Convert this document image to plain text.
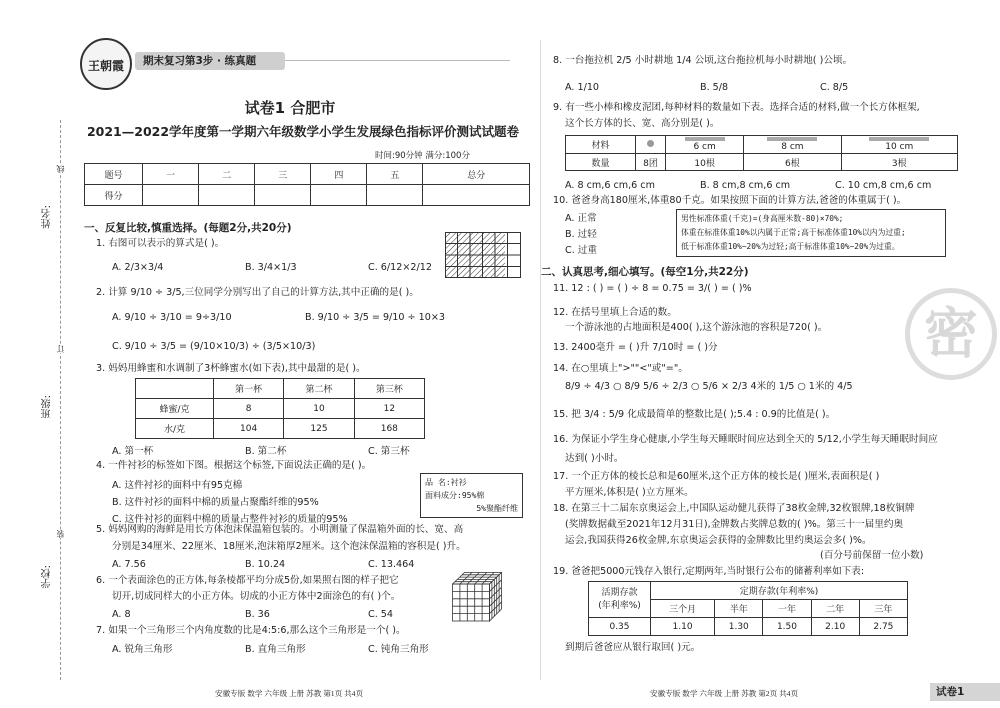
王朝霞	期末复习第3步 · 练真题
试卷1 合肥市
2021—2022学年度第一学期六年级数学小学生发展绿色指标评价测试试题卷
时间:90分钟 满分:100分
题号	一	二	三	四	五	总分
得分						
姓名:
班级:
学校:
线
订
装
一、反复比较,慎重选择。(每题2分,共20分)
1. 右图可以表示的算式是( )。
A. 2/3×3/4	B. 3/4×1/3	C. 6/12×2/12
2. 计算 9/10 ÷ 3/5,三位同学分别写出了自己的计算方法,其中正确的是( )。
A. 9/10 ÷ 3/10 = 9÷3/10	B. 9/10 ÷ 3/5 = 9/10 ÷ 10×3
C. 9/10 ÷ 3/5 = (9/10×10/3) ÷ (3/5×10/3)
3. 妈妈用蜂蜜和水调制了3杯蜂蜜水(如下表),其中最甜的是( )。
	第一杯	第二杯	第三杯
蜂蜜/克	8	10	12
水/克	104	125	168
A. 第一杯	B. 第二杯	C. 第三杯
4. 一件衬衫的标签如下图。根据这个标签,下面说法正确的是( )。
A. 这件衬衫的面料中有95克棉
B. 这件衬衫的面料中棉的质量占聚酯纤维的95%
C. 这件衬衫的面料中棉的质量占整件衬衫的质量的95%
品 名:衬衫
面料成分:95%棉
5%聚酯纤维
5. 妈妈网购的海鲜是用长方体泡沫保温箱包装的。小明测量了保温箱外面的长、宽、高
分别是34厘米、22厘米、18厘米,泡沫箱厚2厘米。这个泡沫保温箱的容积是( )升。
A. 7.56	B. 10.24	C. 13.464
6. 一个表面涂色的正方体,每条棱都平均分成5份,如果照右图的样子把它
切开,切成同样大的小正方体。切成的小正方体中2面涂色的有( )个。
A. 8	B. 36	C. 54
7. 如果一个三角形三个内角度数的比是4:5:6,那么这个三角形是一个( )。
A. 锐角三角形	B. 直角三角形	C. 钝角三角形
安徽专版 数学 六年级 上册 苏教 第1页 共4页
8. 一台拖拉机 2/5 小时耕地 1/4 公顷,这台拖拉机每小时耕地( )公顷。
A. 1/10	B. 5/8	C. 8/5
9. 有一些小棒和橡皮泥团,每种材料的数量如下表。选择合适的材料,做一个长方体框架,
这个长方体的长、宽、高分别是( )。
材料		6 cm	8 cm	10 cm
数量	8团	10根	6根	3根
A. 8 cm,6 cm,6 cm	B. 8 cm,8 cm,6 cm	C. 10 cm,8 cm,6 cm
10. 爸爸身高180厘米,体重80千克。如果按照下面的计算方法,爸爸的体重属于( )。
A. 正常
B. 过轻
C. 过重
男性标准体重(千克)=(身高厘米数-80)×70%;
体重在标准体重10%以内属于正常;高于标准体重10%以内为过重;
低于标准体重10%~20%为过轻;高于标准体重10%~20%为过重。
二、认真思考,细心填写。(每空1分,共22分)
11. 12 : ( ) = ( ) ÷ 8 = 0.75 = 3/( ) = ( )%
12. 在括号里填上合适的数。
一个游泳池的占地面积是400( ),这个游泳池的容积是720( )。
13. 2400毫升 = ( )升 7/10时 = ( )分
14. 在○里填上">""<"或"="。
8/9 ÷ 4/3 ○ 8/9 5/6 ÷ 2/3 ○ 5/6 × 2/3 4米的 1/5 ○ 1米的 4/5
15. 把 3/4 : 5/9 化成最简单的整数比是( );5.4 : 0.9的比值是( )。
16. 为保证小学生身心健康,小学生每天睡眠时间应达到全天的 5/12,小学生每天睡眠时间应
达到( )小时。
17. 一个正方体的棱长总和是60厘米,这个正方体的棱长是( )厘米,表面积是( )
平方厘米,体积是( )立方厘米。
18. 在第三十二届东京奥运会上,中国队运动健儿获得了38枚金牌,32枚银牌,18枚铜牌
(奖牌数据截至2021年12月31日),金牌数占奖牌总数的( )%。第三十一届里约奥
运会,我国获得26枚金牌,东京奥运会获得的金牌数比里约奥运会多( )%。
(百分号前保留一位小数)
19. 爸爸把5000元钱存入银行,定期两年,当时银行公布的储蓄利率如下表:
活期存款
(年利率%)	定期存款(年利率%)				
	三个月	半年	一年	二年	三年
0.35	1.10	1.30	1.50	2.10	2.75
到期后爸爸应从银行取回( )元。
密
安徽专版 数学 六年级 上册 苏教 第2页 共4页	试卷1
